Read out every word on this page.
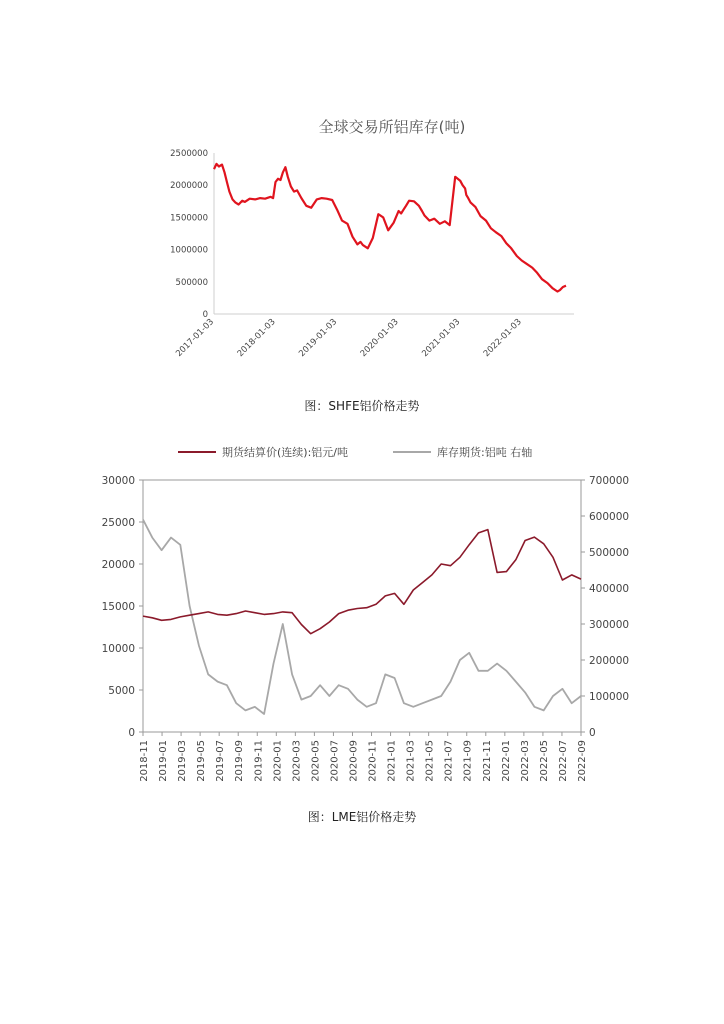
全球交易所铝库存(吨)
0
500000
1000000
1500000
2000000
2500000
2017-01-03 2018-01-03 2019-01-03 2020-01-03 2021-01-03 2022-01-03
图：SHFE铝价格走势
期货结算价(连续):铝元/吨	库存期货:铝吨 右轴
0
5000
10000
15000
20000
25000
30000
0
100000
200000
300000
400000
500000
600000
700000
2018-11 2019-01 2019-03 2019-05 2019-07 2019-09 2019-11 2020-01 2020-03 2020-05 2020-07 2020-09 2020-11 2021-01 2021-03 2021-05 2021-07 2021-09 2021-11 2022-01 2022-03 2022-05 2022-07 2022-09
图：LME铝价格走势
